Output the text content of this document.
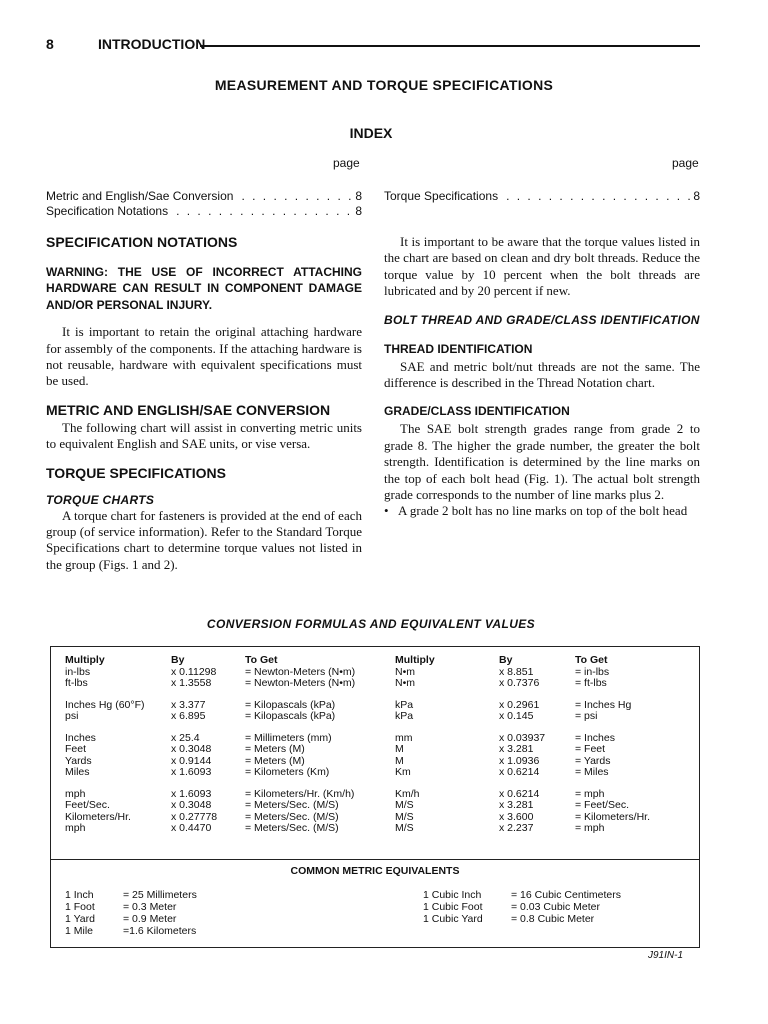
8	INTRODUCTION
MEASUREMENT AND TORQUE SPECIFICATIONS
INDEX
page	page
Metric and English/Sae Conversion . . .	8
Specification Notations . . .	8
Torque Specifications . . .	8
SPECIFICATION NOTATIONS

WARNING: THE USE OF INCORRECT ATTACHING HARDWARE CAN RESULT IN COMPONENT DAMAGE AND/OR PERSONAL INJURY.

It is important to retain the original attaching hardware for assembly of the components. If the attaching hardware is not reusable, hardware with equivalent specifications must be used.

METRIC AND ENGLISH/SAE CONVERSION

The following chart will assist in converting metric units to equivalent English and SAE units, or vise versa.

TORQUE SPECIFICATIONS
TORQUE CHARTS

A torque chart for fasteners is provided at the end of each group (of service information). Refer to the Standard Torque Specifications chart to determine torque values not listed in the group (Figs. 1 and 2).

It is important to be aware that the torque values listed in the chart are based on clean and dry bolt threads. Reduce the torque value by 10 percent when the bolt threads are lubricated and by 20 percent if new.

BOLT THREAD AND GRADE/CLASS IDENTIFICATION
THREAD IDENTIFICATION

SAE and metric bolt/nut threads are not the same. The difference is described in the Thread Notation chart.

GRADE/CLASS IDENTIFICATION

The SAE bolt strength grades range from grade 2 to grade 8. The higher the grade number, the greater the bolt strength. Identification is determined by the line marks on the top of each bolt head (Fig. 1). The actual bolt strength grade corresponds to the number of line marks plus 2.

• A grade 2 bolt has no line marks on top of the bolt head
CONVERSION FORMULAS AND EQUIVALENT VALUES
Multiply	By	To Get	Multiply	By	To Get
in-lbs	x 0.11298	= Newton-Meters (N•m)	N•m	x 8.851	= in-lbs
ft-lbs	x 1.3558	= Newton-Meters (N•m)	N•m	x 0.7376	= ft-lbs

Inches Hg (60°F)	x 3.377	= Kilopascals (kPa)	kPa	x 0.2961	= Inches Hg
psi	x 6.895	= Kilopascals (kPa)	kPa	x 0.145	= psi

Inches	x 25.4	= Millimeters (mm)	mm	x 0.03937	= Inches
Feet	x 0.3048	= Meters (M)	M	x 3.281	= Feet
Yards	x 0.9144	= Meters (M)	M	x 1.0936	= Yards
Miles	x 1.6093	= Kilometers (Km)	Km	x 0.6214	= Miles

mph	x 1.6093	= Kilometers/Hr. (Km/h)	Km/h	x 0.6214	= mph
Feet/Sec.	x 0.3048	= Meters/Sec. (M/S)	M/S	x 3.281	= Feet/Sec.
Kilometers/Hr.	x 0.27778	= Meters/Sec. (M/S)	M/S	x 3.600	= Kilometers/Hr.
mph	x 0.4470	= Meters/Sec. (M/S)	M/S	x 2.237	= mph
COMMON METRIC EQUIVALENTS
1 Inch	= 25 Millimeters
1 Foot	= 0.3 Meter
1 Yard	= 0.9 Meter
1 Mile	=1.6 Kilometers
1 Cubic Inch	= 16 Cubic Centimeters
1 Cubic Foot	= 0.03 Cubic Meter
1 Cubic Yard	= 0.8 Cubic Meter
J91IN-1
